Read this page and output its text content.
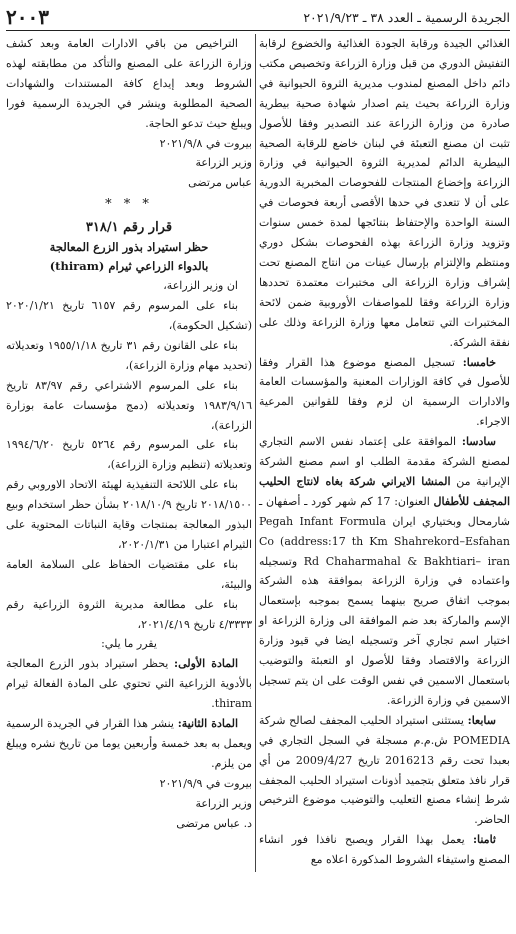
الجريدة الرسمية ـ العدد ٣٨ ـ ٢٠٢١/٩/٢٣
٢٠٠٣

الغذائي الجيدة ورقابة الجودة الغذائية والخضوع لرقابة التفتيش الدوري من قبل وزارة الزراعة وتخصيص مكتب دائم داخل المصنع لمندوب مديرية الثروة الحيوانية في وزارة الزراعة بحيث يتم اصدار شهادة صحية بيطرية صادرة من وزارة الزراعة عند التصدير وفقا للأصول تثبت ان مصنع التعبئة في لبنان خاضع للرقابة الصحية البيطرية الدائم لمديرية الثروة الحيوانية في وزارة الزراعة وإخضاع المنتجات للفحوصات المخبرية الدورية على أن لا تتعدى في حدها الأقصى أربعة فحوصات في السنة الواحدة والإحتفاظ بنتائجها لمدة خمس سنوات وتزويد وزارة الزراعة بهذه الفحوصات بشكل دوري ومنتظم والإلتزام بإرسال عينات من انتاج المصنع تحت إشراف وزارة الزراعة الى مختبرات معتمدة تحددها وزارة الزراعة وفقا للمواصفات الأوروبية ضمن لائحة المختبرات التي تتعامل معها وزارة الزراعة وذلك على نفقة الشركة.

خامسا: تسجيل المصنع موضوع هذا القرار وفقا للأصول في كافة الوزارات المعنية والمؤسسات العامة والادارات الرسمية ان لزم وفقا للقوانين المرعية الاجراء.

سادسا: الموافقة على إعتماد نفس الاسم التجاري لمصنع الشركة مقدمة الطلب او اسم مصنع الشركة الإيرانية من المنشا الايراني شركة بغاه لانتاج الحليب المجفف للأطفال العنوان: 17 كم شهر كورد ـ أصفهان ـ شارمحال وبختياري ايران Pegah Infant Formula Co (address:17 th Km Shahrekord–Esfahan Rd Chaharmahal & Bakhtiari– iran وتسجيله واعتماده في وزارة الزراعة بموافقة هذه الشركة بموجب اتفاق صريح بينهما يسمح بموجبه بإستعمال الإسم والماركة بعد ضم الموافقة الى وزارة الزراعة او اختيار اسم تجاري آخر وتسجيله ايضا في قيود وزارة الزراعة والاقتصاد وفقا للأصول او التعبئة والتوضيب باستعمال الاسمين في نفس الوقت على ان يتم تسجيل الاسمين في وزارة الزراعة.

سابعا: يستثنى استيراد الحليب المجفف لصالح شركة POMEDIA ش.م.م مسجلة في السجل التجاري في بعبدا تحت رقم 2016213 تاريخ 2009/4/27 من أي قرار نافذ متعلق بتجميد أذونات استيراد الحليب المجفف شرط إنشاء مصنع التعليب والتوضيب موضوع الترخيص الحاضر.

ثامنا: يعمل بهذا القرار ويصبح نافذا فور انشاء المصنع واستيفاء الشروط المذكورة اعلاه مع

التراخيص من باقي الادارات العامة وبعد كشف وزارة الزراعة على المصنع والتأكد من مطابقته لهذه الشروط وبعد إيداع كافة المستندات والشهادات الصحية المطلوبة وينشر في الجريدة الرسمية فورا ويبلغ حيث تدعو الحاجة.

بيروت في ٢٠٢١/٩/٨

وزير الزراعة

عباس مرتضى

* * *

قرار رقم ٣١٨/١

حظر استيراد بذور الزرع المعالجة

بالدواء الزراعي ثيرام (thiram)

ان وزير الزراعة،

بناء على المرسوم رقم ٦١٥٧ تاريخ ٢٠٢٠/١/٢١ (تشكيل الحكومة)،

بناء على القانون رقم ٣١ تاريخ ١٩٥٥/١/١٨ وتعديلاته (تحديد مهام وزارة الزراعة)،

بناء على المرسوم الاشتراعي رقم ٨٣/٩٧ تاريخ ١٩٨٣/٩/١٦ وتعديلاته (دمج مؤسسات عامة بوزارة الزراعة)،

بناء على المرسوم رقم ٥٢٦٤ تاريخ ١٩٩٤/٦/٢٠ وتعديلاته (تنظيم وزارة الزراعة)،

بناء على اللائحة التنفيذية لهيئة الاتحاد الاوروبي رقم ٢٠١٨/١٥٠٠ تاريخ ٢٠١٨/١٠/٩ بشأن حظر استخدام وبيع البذور المعالجة بمنتجات وقاية النباتات المحتوية على الثيرام اعتبارا من ٢٠٢٠/١/٣١،

بناء على مقتضيات الحفاظ على السلامة العامة والبيئة،

بناء على مطالعة مديرية الثروة الزراعية رقم ٤/٣٣٣٣ تاريخ ٢٠٢١/٤/١٩،

يقرر ما يلي:

المادة الأولى: يحظر استيراد بذور الزرع المعالجة بالأدوية الزراعية التي تحتوي على المادة الفعالة ثيرام thiram.

المادة الثانية: ينشر هذا القرار في الجريدة الرسمية ويعمل به بعد خمسة وأربعين يوما من تاريخ نشره ويبلغ من يلزم.

بيروت في ٢٠٢١/٩/٩

وزير الزراعة

د. عباس مرتضى
